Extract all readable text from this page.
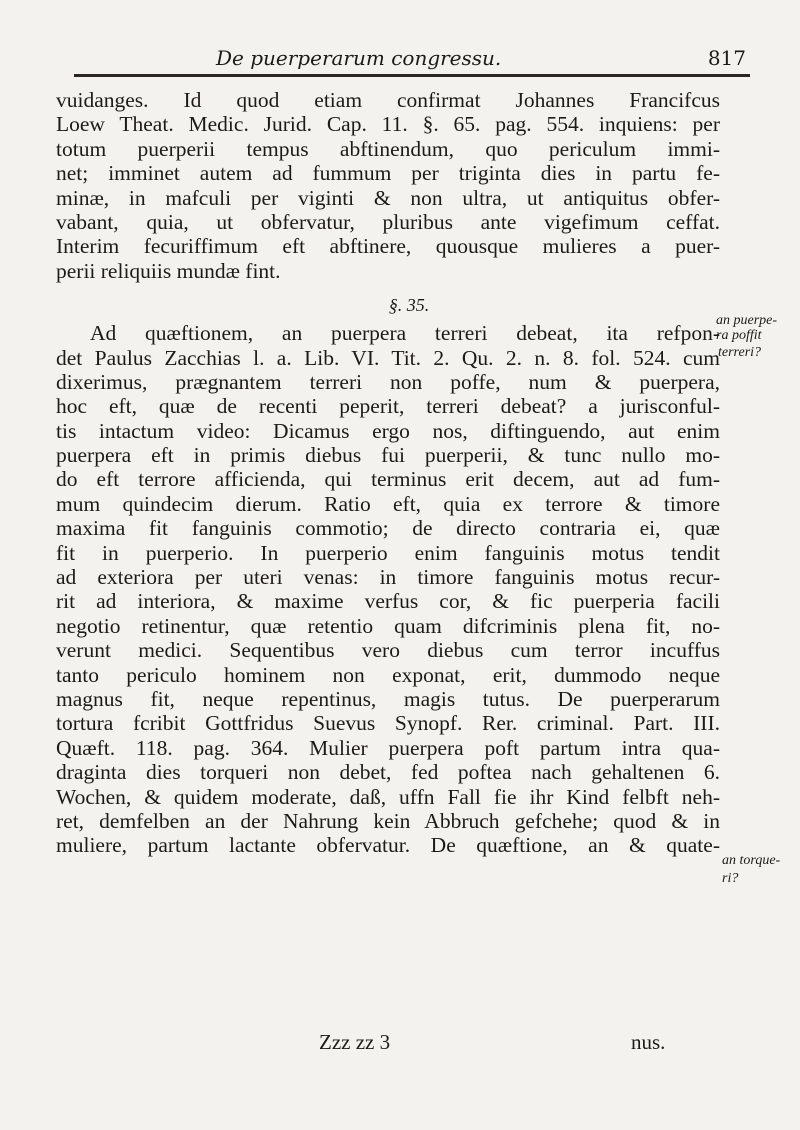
De puerperarum congressu.	817
vuidanges. Id quod etiam confirmat Johannes Francifcus
Loew Theat. Medic. Jurid. Cap. 11. §. 65. pag. 554. inquiens: per
totum puerperii tempus abftinendum, quo periculum immi-
net; imminet autem ad fummum per triginta dies in partu fe-
minæ, in mafculi per viginti & non ultra, ut antiquitus obfer-
vabant, quia, ut obfervatur, pluribus ante vigefimum ceffat.
Interim fecuriffimum eft abftinere, quousque mulieres a puer-
perii reliquiis mundæ fint.
§. 35.
Ad quæftionem, an puerpera terreri debeat, ita refpon-
det Paulus Zacchias l. a. Lib. VI. Tit. 2. Qu. 2. n. 8. fol. 524. cum
dixerimus, prægnantem terreri non poffe, num & puerpera,
hoc eft, quæ de recenti peperit, terreri debeat? a jurisconful-
tis intactum video: Dicamus ergo nos, diftinguendo, aut enim
puerpera eft in primis diebus fui puerperii, & tunc nullo mo-
do eft terrore afficienda, qui terminus erit decem, aut ad fum-
mum quindecim dierum. Ratio eft, quia ex terrore & timore
maxima fit fanguinis commotio; de directo contraria ei, quæ
fit in puerperio. In puerperio enim fanguinis motus tendit
ad exteriora per uteri venas: in timore fanguinis motus recur-
rit ad interiora, & maxime verfus cor, & fic puerperia facili
negotio retinentur, quæ retentio quam difcriminis plena fit, no-
verunt medici. Sequentibus vero diebus cum terror incuffus
tanto periculo hominem non exponat, erit, dummodo neque
magnus fit, neque repentinus, magis tutus. De puerperarum
tortura fcribit Gottfridus Suevus Synopf. Rer. criminal. Part. III.
Quæft. 118. pag. 364. Mulier puerpera poft partum intra qua-
draginta dies torqueri non debet, fed poftea nach gehaltenen 6.
Wochen, & quidem moderate, daß, uffn Fall fie ihr Kind felbft neh-
ret, demfelben an der Nahrung kein Abbruch gefchehe; quod & in
muliere, partum lactante obfervatur. De quæftione, an & quate-
an puerpe-
ra poffit
terreri?
an torque-
ri?
Zzz zz 3	nus.
